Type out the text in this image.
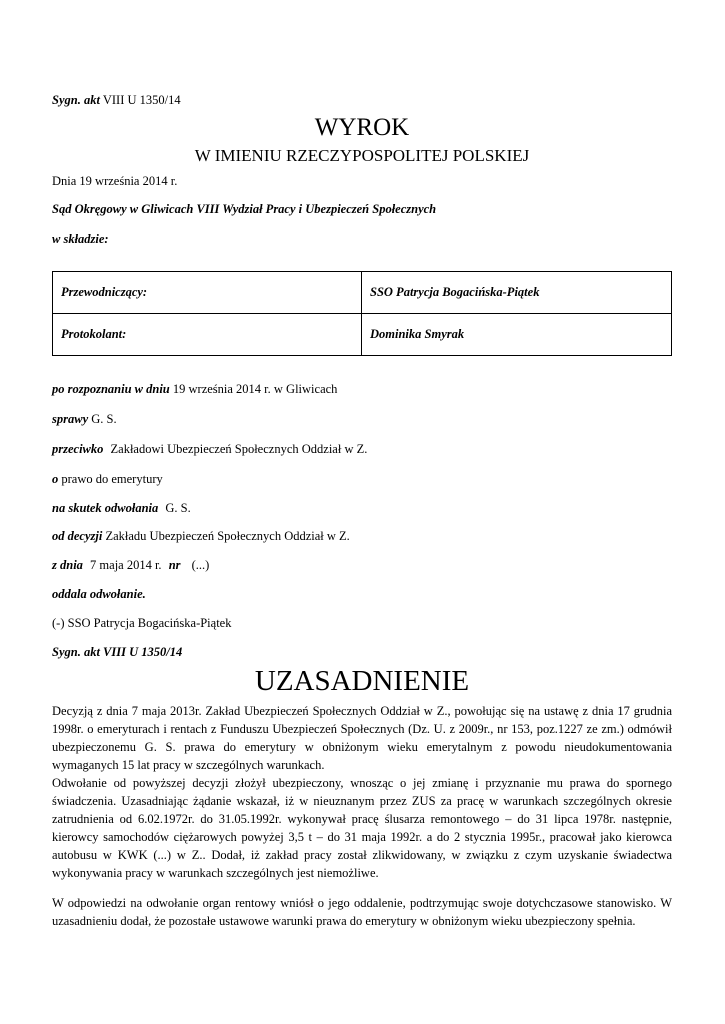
Sygn. akt VIII U 1350/14
WYROK
W IMIENIU RZECZYPOSPOLITEJ POLSKIEJ
Dnia 19 września 2014 r.
Sąd Okręgowy w Gliwicach VIII Wydział Pracy i Ubezpieczeń Społecznych
w składzie:
Przewodniczący:	SSO Patrycja Bogacińska-Piątek
Protokolant:	Dominika Smyrak
po rozpoznaniu w dniu 19 września 2014 r. w Gliwicach
sprawy G. S.
przeciwko Zakładowi Ubezpieczeń Społecznych Oddział w Z.
o prawo do emerytury
na skutek odwołania G. S.
od decyzji Zakładu Ubezpieczeń Społecznych Oddział w Z.
z dnia 7 maja 2014 r. nr (...)
oddala odwołanie.
(-) SSO Patrycja Bogacińska-Piątek
Sygn. akt VIII U 1350/14
UZASADNIENIE
Decyzją z dnia 7 maja 2013r. Zakład Ubezpieczeń Społecznych Oddział w Z., powołując się na ustawę z dnia 17 grudnia 1998r. o emeryturach i rentach z Funduszu Ubezpieczeń Społecznych (Dz. U. z 2009r., nr 153, poz.1227 ze zm.) odmówił ubezpieczonemu G. S. prawa do emerytury w obniżonym wieku emerytalnym z powodu nieudokumentowania wymaganych 15 lat pracy w szczególnych warunkach.
Odwołanie od powyższej decyzji złożył ubezpieczony, wnosząc o jej zmianę i przyznanie mu prawa do spornego świadczenia. Uzasadniając żądanie wskazał, iż w nieuznanym przez ZUS za pracę w warunkach szczególnych okresie zatrudnienia od 6.02.1972r. do 31.05.1992r. wykonywał pracę ślusarza remontowego – do 31 lipca 1978r. następnie, kierowcy samochodów ciężarowych powyżej 3,5 t – do 31 maja 1992r. a do 2 stycznia 1995r., pracował jako kierowca autobusu w KWK (...) w Z.. Dodał, iż zakład pracy został zlikwidowany, w związku z czym uzyskanie świadectwa wykonywania pracy w warunkach szczególnych jest niemożliwe.
W odpowiedzi na odwołanie organ rentowy wniósł o jego oddalenie, podtrzymując swoje dotychczasowe stanowisko. W uzasadnieniu dodał, że pozostałe ustawowe warunki prawa do emerytury w obniżonym wieku ubezpieczony spełnia.
